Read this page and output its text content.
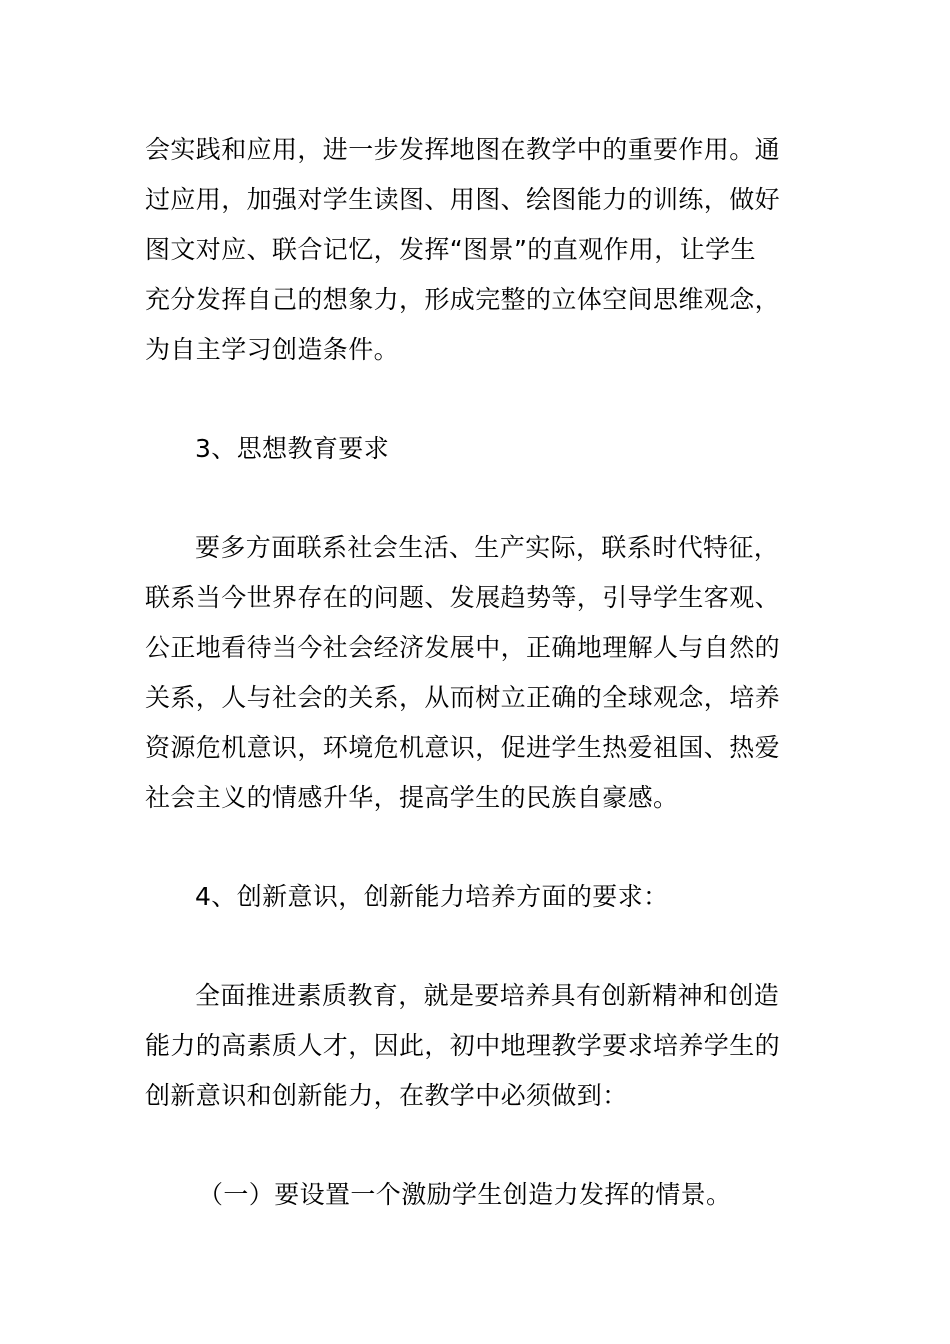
会实践和应用，进一步发挥地图在教学中的重要作用。通
过应用，加强对学生读图、用图、绘图能力的训练，做好
图文对应、联合记忆，发挥“图景”的直观作用，让学生
充分发挥自己的想象力，形成完整的立体空间思维观念，
为自主学习创造条件。
3、思想教育要求
要多方面联系社会生活、生产实际，联系时代特征，
联系当今世界存在的问题、发展趋势等，引导学生客观、
公正地看待当今社会经济发展中，正确地理解人与自然的
关系，人与社会的关系，从而树立正确的全球观念，培养
资源危机意识，环境危机意识，促进学生热爱祖国、热爱
社会主义的情感升华，提高学生的民族自豪感。
4、创新意识，创新能力培养方面的要求：
全面推进素质教育，就是要培养具有创新精神和创造
能力的高素质人才，因此，初中地理教学要求培养学生的
创新意识和创新能力，在教学中必须做到：
（一）要设置一个激励学生创造力发挥的情景。
